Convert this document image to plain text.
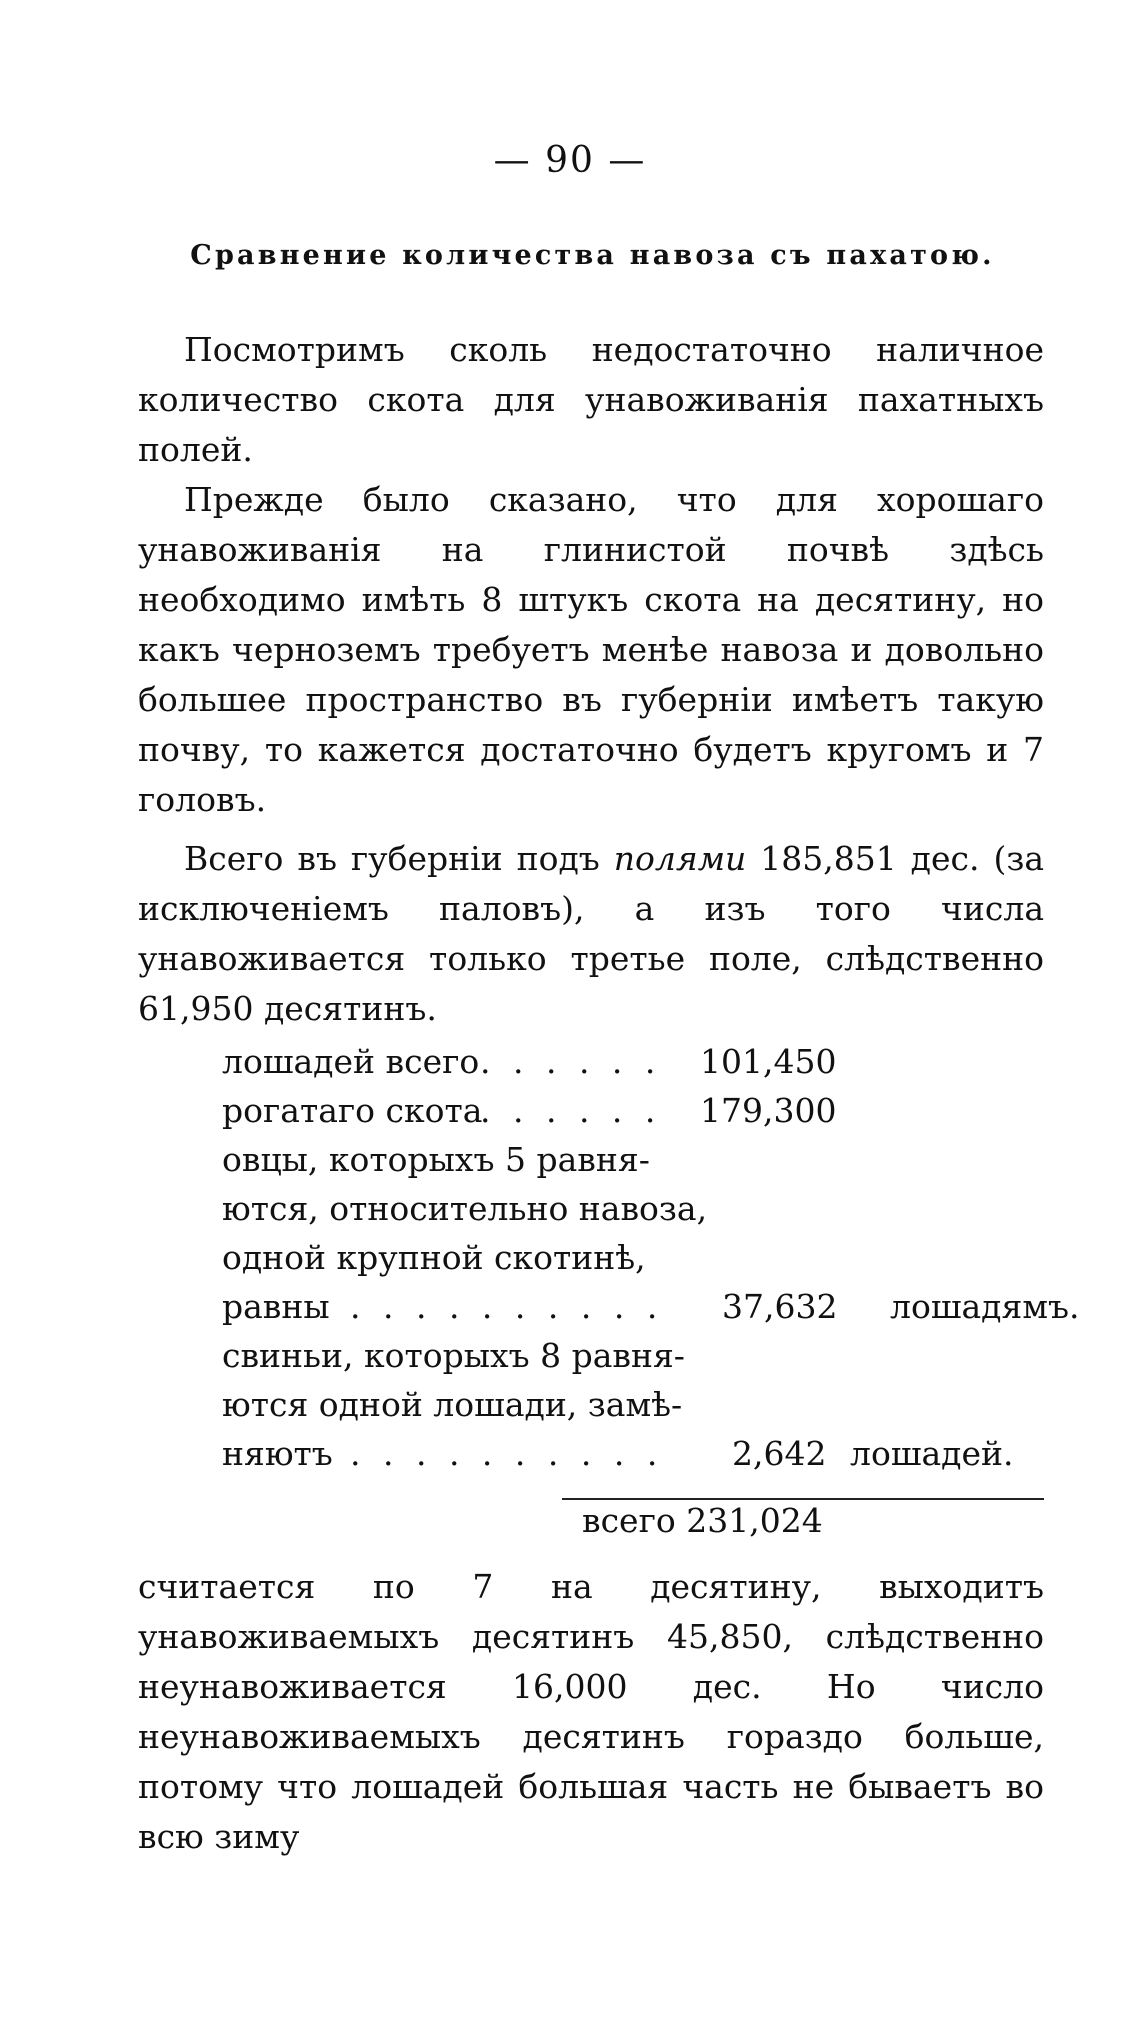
— 90 —
Сравнение количества навоза съ пахатою.

Посмотримъ сколь недостаточно наличное количество скота для унавоживанія пахатныхъ полей.

Прежде было сказано, что для хорошаго унавоживанія на глинистой почвѣ здѣсь необходимо имѣть 8 штукъ скота на десятину, но какъ черноземъ требуетъ менѣе навоза и довольно большее пространство въ губерніи имѣетъ такую почву, то кажется достаточно будетъ кругомъ и 7 головъ.

Всего въ губерніи подъ полями 185,851 дес. (за исключеніемъ паловъ), а изъ того числа унавоживается только третье поле, слѣдственно 61,950 десятинъ.

лошадей всего . . . . . . 101,450
рогатаго скота
. . . . . . 179,300
овцы, которыхъ 5 равня-
ются, относительно навоза,
одной крупной скотинѣ,
равны . . . . . . . . . . 37,632 лошадямъ.
свиньи, которыхъ 8 равня-
ются одной лошади, замѣ-
няютъ . . . . . . . . . . 2,642 лошадей.
всего 231,024

считается по 7 на десятину, выходитъ унавоживаемыхъ десятинъ 45,850, слѣдственно неунавоживается 16,000 дес. Но число неунавоживаемыхъ десятинъ гораздо больше, потому что лошадей большая часть не бываетъ во всю зиму
